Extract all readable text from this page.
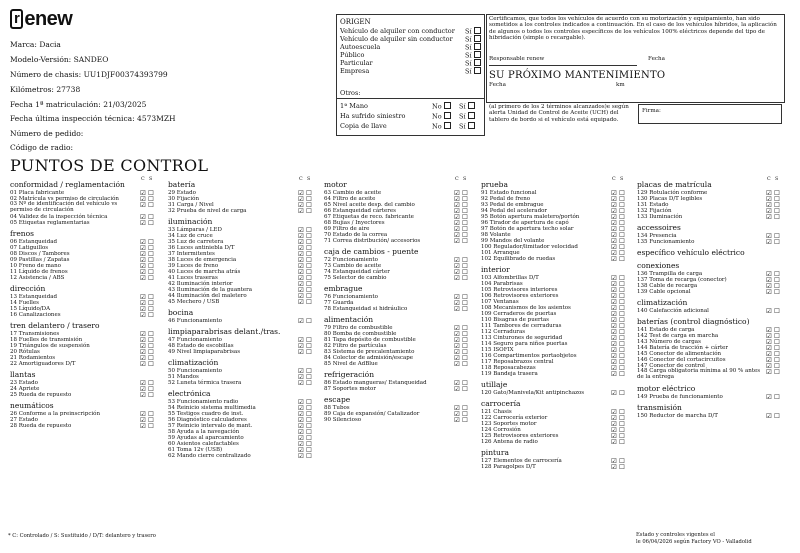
r enew
Marca: Dacia
Modelo-Versión: SANDEO
Número de chasis: UU1DJF00374393799
Kilómetros: 27738
Fecha 1ª matriculación: 21/03/2025
Fecha última inspección técnica: 4573MZH
Número de pedido:
Código de radio:
ORIGEN
Vehículo de alquiler con conductor Sí
Vehículo de alquiler sin conductor Sí
Autoescuela	Sí
Público	Sí
Particular	Sí
Empresa	Sí
Otros:
1ª Mano	No	Sí
Ha sufrido siniestro	No	Sí
Copia de llave	No	Sí
Certificamos, que todos los vehículos de acuerdo con su motorización y equipamiento, han sido sometidos a los controles indicados a continuación. En el caso de los vehículos híbridos, la aplicación de algunos o todos los controles específicos de los vehículos 100% eléctricos depende del tipo de hibridación (simple o recargable).
Responsable renew	Fecha
SU PRÓXIMO MANTENIMIENTO
Fecha	km
(al primero de los 2 términos alcanzados)e según alerta Unidad de Control de Aceite (UCH) del tablero de bordo si el vehículo está equipado.
Firma:
PUNTOS DE CONTROL
C S
conformidad / reglamentación
01 Placa fabricante	☑ ☐
02 Matrícula vs permiso de circulación	☑ ☐
03 Nº de identificación del vehículo vs permiso de circulación
☑ ☐
04 Validez de la inspección técnica	☑ ☐
05 Etiquetas reglamentarias	☑ ☐
frenos
06 Estanqueidad	☑ ☐
07 Latiguillos	☑ ☐
08 Discos / Tambores	☑ ☐
09 Pastillas / Zapatas	☑ ☐
10 Freno de mano	☑ ☐
11 Líquido de frenos	☑ ☐
12 Asistencia / ABS	☑ ☐
dirección
13 Estanqueidad	☑ ☐
14 Fuelles	☑ ☐
15 Líquido/DA	☑ ☐
16 Canalizaciones	☑ ☐
tren delantero / trasero
17 Transmisiones	☑ ☐
18 Fuelles de transmisión	☑ ☐
19 Triángulos de suspensión	☑ ☐
20 Rótulas	☑ ☐
21 Rodamientos	☑ ☐
22 Amortiguadores D/T	☑ ☐
llantas
23 Estado	☑ ☐
24 Apriete	☑ ☐
25 Rueda de repuesto	☑ ☐
neumáticos
26 Conforme a la preinscripción	☑ ☐
27 Estado	☑ ☐
28 Rueda de repuesto	☑ ☐
C S
batería
29 Estado	☑ ☐
30 Fijación	☑ ☐
31 Carga / Nivel	☑ ☐
32 Prueba de nivel de carga	☑ ☐
iluminación
33 Lámparas / LED	☑ ☐
34 Luz de cruce	☑ ☐
35 Luz de carretera	☑ ☐
36 Luces antiniebla D/T	☑ ☐
37 Intermitentes	☑ ☐
38 Luces de emergencia	☑ ☐
39 Luces de freno	☑ ☐
40 Luces de marcha atrás	☑ ☐
41 Luces traseras	☑ ☐
42 Iluminación interior	☑ ☐
43 Iluminación de la guantera	☑ ☐
44 Iluminación del maletero	☑ ☐
45 Mechero / USB	☑ ☐
bocina
46 Funcionamiento	☑ ☐
limpiaparabrisas delant./tras.
47 Funcionamiento	☑ ☐
48 Estado de escobillas	☑ ☐
49 Nivel limpiaparabrisas	☑ ☐
climatización
50 Funcionamiento	☑ ☐
51 Mandos	☑ ☐
52 Luneta térmica trasera	☑ ☐
electrónica
53 Funcionamiento radio	☑ ☐
54 Reinicio sistema multimedia	☑ ☐
55 Testigos cuadro de inst.	☑ ☐
56 Diagnóstico calculadores	☑ ☐
57 Reinicio intervalo de mant.	☑ ☐
58 Ayuda a la navegación	☑ ☐
59 Ayudas al aparcamiento	☑ ☐
60 Asientos calefactables	☑ ☐
61 Toma 12v (USB)	☑ ☐
62 Mando cierre centralizado	☑ ☐
C S
motor
63 Cambio de aceite	☑ ☐
64 Filtro de aceite	☑ ☐
65 Nivel aceite desp. del cambio	☑ ☐
66 Estanqueidad cárteres	☑ ☐
67 Etiquetas de reco. fabricante	☑ ☐
68 Bujías / Inyectores	☑ ☐
69 Filtro de aire	☑ ☐
70 Estado de la correa	☑ ☐
71 Correa distribución/ accesorios	☑ ☐
caja de cambios - puente
72 Funcionamiento	☑ ☐
73 Cambio de aceite	☑ ☐
74 Estanqueidad cárter	☑ ☐
75 Selector de cambio	☑ ☐
embrague
76 Funcionamiento	☑ ☐
77 Guarda	☑ ☐
78 Estanqueidad si hidráulico	☑ ☐
alimentación
79 Filtro de combustible	☑ ☐
80 Bomba de combustible	☑ ☐
81 Tapa depósito de combustible	☑ ☐
82 Filtro de partículas	☑ ☐
83 Sistema de precalentamiento	☑ ☐
84 Colector de admisión/escape	☑ ☐
85 Nivel de AdBlue	☑ ☐
refrigeración
86 Estado mangueras/ Estanqueidad	☑ ☐
87 Soportes motor	☑ ☐
escape
88 Tubos	☑ ☐
89 Caja de expansión/ Catalizador	☑ ☐
90 Silencioso	☑ ☐
C S
prueba
91 Estado funcional	☑ ☐
92 Pedal de freno	☑ ☐
93 Pedal de embrague	☑ ☐
94 Pedal del acelerador	☑ ☐
95 Botón apertura maletero/portón	☑ ☐
96 Tirador de apertura de capó	☑ ☐
97 Botón de apertura techo solar	☑ ☐
98 Volante	☑ ☐
99 Mandos del volante	☑ ☐
100 Regulador/limitador velocidad	☑ ☐
101 Arranque	☑ ☐
102 Equilibrado de ruedas	☑ ☐
interior
103 Alfombrillas D/T	☑ ☐
104 Parabrisas	☑ ☐
105 Retrovisores interiores	☑ ☐
106 Retrovisores exteriores	☑ ☐
107 Ventanas	☑ ☐
108 Mecanismos de los asientos	☑ ☐
109 Cerraderos de puertas	☑ ☐
110 Bisagras de puertas	☑ ☐
111 Tambores de cerraduras	☑ ☐
112 Cerraduras	☑ ☐
113 Cinturones de seguridad	☑ ☐
114 Seguro para niños puertas	☑ ☐
115 ISOFIX	☑ ☐
116 Compartimentos portaobjetos	☑ ☐
117 Reposabrazos central	☑ ☐
118 Reposacabezas	☑ ☐
119 Bandeja trasera	☑ ☐
utillaje
120 Gato/Manivela/Kit antipinchazos	☑ ☐
carrocería
121 Chasis	☑ ☐
122 Carrocería exterior	☑ ☐
123 Soportes motor	☑ ☐
124 Corrosión	☑ ☐
125 Retrovisores exteriores	☑ ☐
126 Antena de radio	☑ ☐
pintura
127 Elementos de carrocería	☑ ☐
128 Paragolpes D/T	☑ ☐
C S
placas de matrícula
129 Rotulación conforme	☑ ☐
130 Placas D/T legibles	☑ ☐
131 Estado	☑ ☐
132 Fijación	☑ ☐
133 Iluminación	☑ ☐
accessoires
134 Presencia	☑ ☐
135 Funcionamiento	☑ ☐
específico vehículo eléctrico
conexiones
136 Trampilla de carga	☑ ☐
137 Toma de recarga (conector)	☑ ☐
138 Cable de recarga	☑ ☐
139 Cable opcional	☑ ☐
climatización
140 Calefacción adicional	☑ ☐
baterías (control diagnóstico)
141 Estado de carga	☑ ☐
142 Test de carga en marcha	☑ ☐
143 Número de cargas	☑ ☐
144 Batería de tracción + cárter	☑ ☐
145 Conector de alimentación	☑ ☐
146 Conector del cortacircuitos	☑ ☐
147 Conector de control	☑ ☐
148 Carga obligatoria mínima al 90 % antes de la entrega
☑ ☐
motor eléctrico
149 Prueba de funcionamiento	☑ ☐
transmisión
150 Reductor de marcha D/T	☑ ☐
* C: Controlado / S: Sustituido / D/T: delantero y trasero	Estado y controles vigentes el
le 06/04/2026 según Factory VO - Valladolid
